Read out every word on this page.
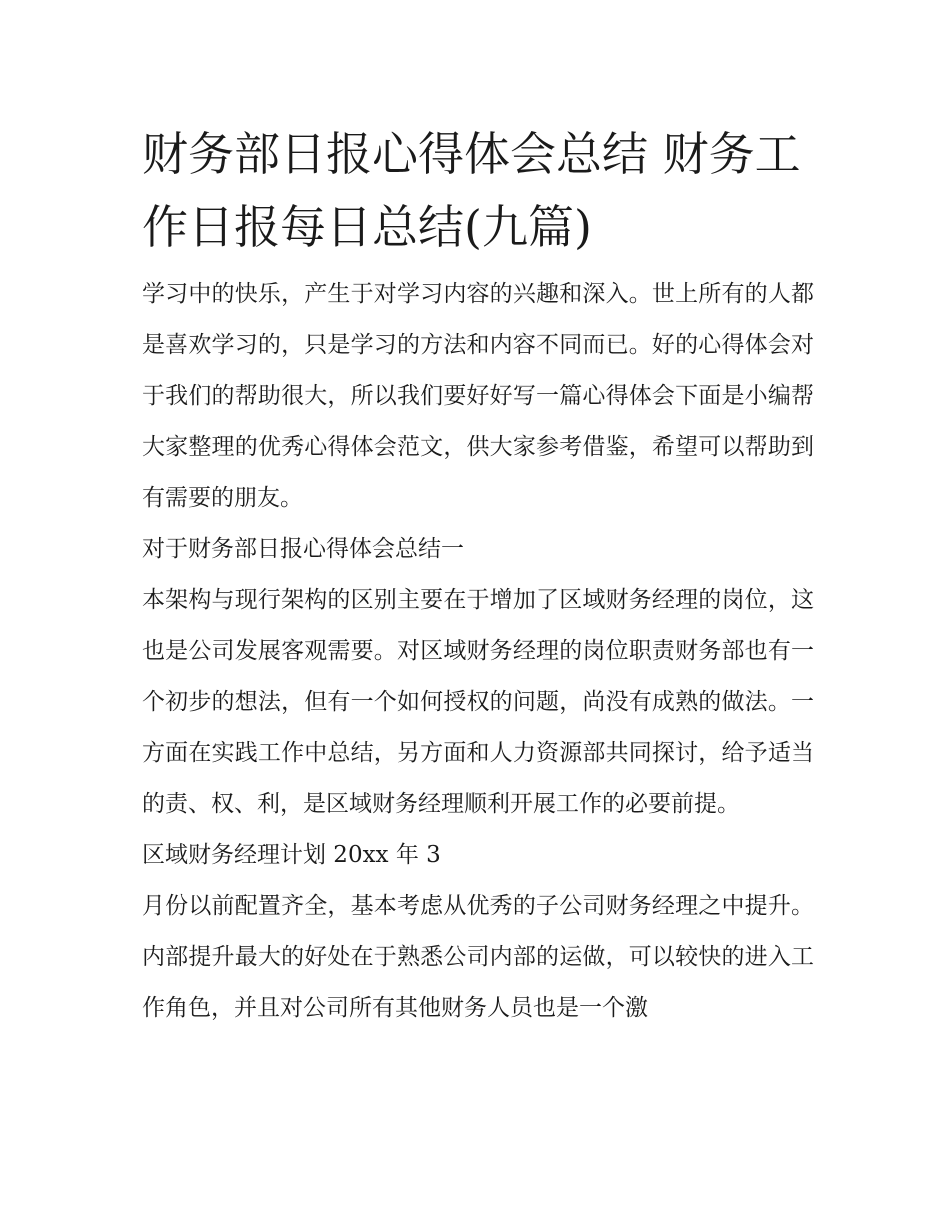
财务部日报心得体会总结 财务工作日报每日总结(九篇)

学习中的快乐，产生于对学习内容的兴趣和深入。世上所有的人都是喜欢学习的，只是学习的方法和内容不同而已。好的心得体会对于我们的帮助很大，所以我们要好好写一篇心得体会下面是小编帮大家整理的优秀心得体会范文，供大家参考借鉴，希望可以帮助到有需要的朋友。

对于财务部日报心得体会总结一

本架构与现行架构的区别主要在于增加了区域财务经理的岗位，这也是公司发展客观需要。对区域财务经理的岗位职责财务部也有一个初步的想法，但有一个如何授权的问题，尚没有成熟的做法。一方面在实践工作中总结，另方面和人力资源部共同探讨，给予适当的责、权、利，是区域财务经理顺利开展工作的必要前提。

区域财务经理计划 20xx 年 3

月份以前配置齐全，基本考虑从优秀的子公司财务经理之中提升。内部提升最大的好处在于熟悉公司内部的运做，可以较快的进入工作角色，并且对公司所有其他财务人员也是一个激
